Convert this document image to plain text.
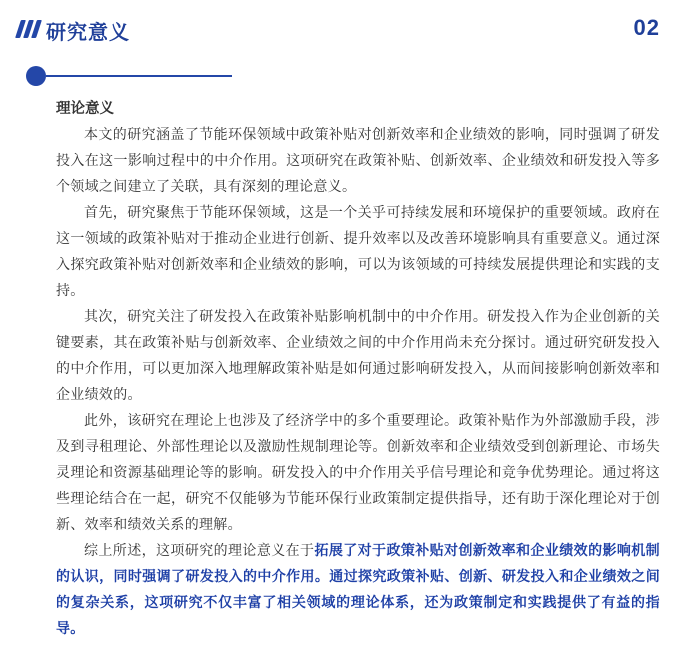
研究意义	02

理论意义

本文的研究涵盖了节能环保领域中政策补贴对创新效率和企业绩效的影响，同时强调了研发投入在这一影响过程中的中介作用。这项研究在政策补贴、创新效率、企业绩效和研发投入等多个领域之间建立了关联，具有深刻的理论意义。

首先，研究聚焦于节能环保领域，这是一个关乎可持续发展和环境保护的重要领域。政府在这一领域的政策补贴对于推动企业进行创新、提升效率以及改善环境影响具有重要意义。通过深入探究政策补贴对创新效率和企业绩效的影响，可以为该领域的可持续发展提供理论和实践的支持。

其次，研究关注了研发投入在政策补贴影响机制中的中介作用。研发投入作为企业创新的关键要素，其在政策补贴与创新效率、企业绩效之间的中介作用尚未充分探讨。通过研究研发投入的中介作用，可以更加深入地理解政策补贴是如何通过影响研发投入，从而间接影响创新效率和企业绩效的。

此外，该研究在理论上也涉及了经济学中的多个重要理论。政策补贴作为外部激励手段，涉及到寻租理论、外部性理论以及激励性规制理论等。创新效率和企业绩效受到创新理论、市场失灵理论和资源基础理论等的影响。研发投入的中介作用关乎信号理论和竞争优势理论。通过将这些理论结合在一起，研究不仅能够为节能环保行业政策制定提供指导，还有助于深化理论对于创新、效率和绩效关系的理解。

综上所述，这项研究的理论意义在于拓展了对于政策补贴对创新效率和企业绩效的影响机制的认识，同时强调了研发投入的中介作用。通过探究政策补贴、创新、研发投入和企业绩效之间的复杂关系，这项研究不仅丰富了相关领域的理论体系，还为政策制定和实践提供了有益的指导。
